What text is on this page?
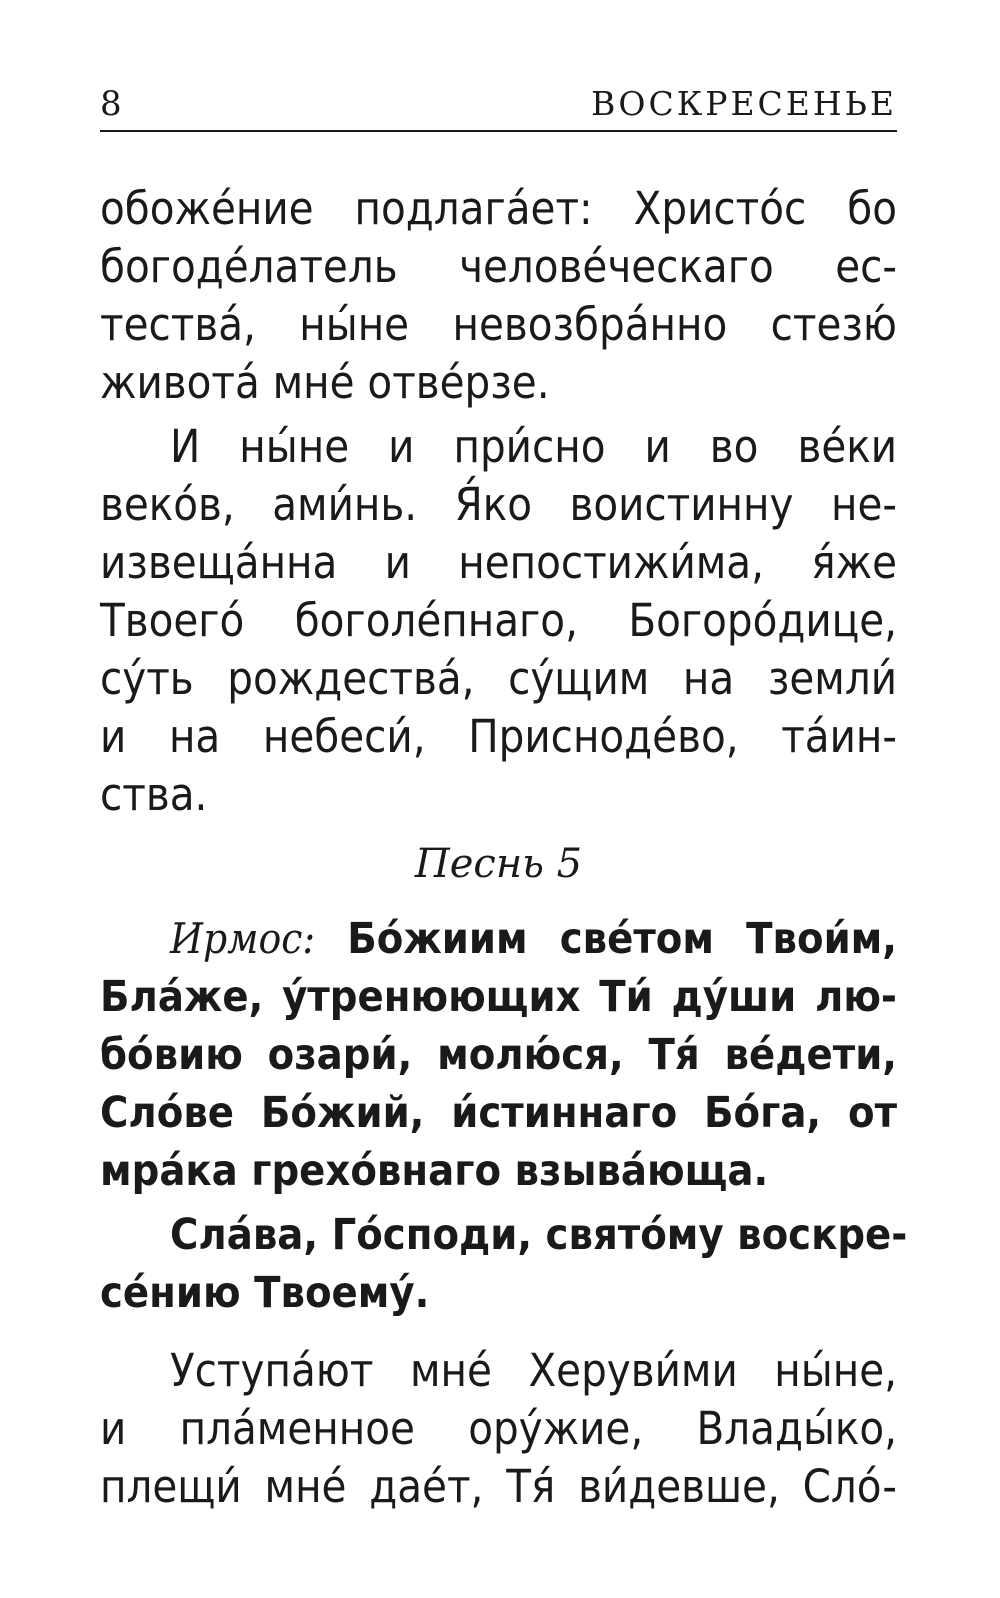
8	ВОСКРЕСЕНЬЕ
обожéние подлагáет: Христóс бо
богодéлатель человéческаго ес-
тествá, ны́не невозбрáнно стезю́
животá мнé отвéрзе.
И ны́не и при́сно и во вéки
векóв, ами́нь. Я́ко воистинну не-
извещáнна и непостижи́ма, я́же
Твоегó боголéпнаго, Богорóдице,
сýть рождествá, сýщим на земли́
и на небеси́, Приснодéво, тáин-
ства.
Песнь 5
Ирмос: Бóжиим свéтом Твои́м,
Бла́же, у́тренюющих Ти́ ду́ши лю-
бóвию озари́, молю́ся, Тя́ вéдети,
Слóве Бóжий, и́стиннаго Бóга, от
мрáка грехóвнаго взывáюща.
Слáва, Гóсподи, святóму воскре-
сéнию Твоему́.
Уступáют мнé Херуви́ми ны́не,
и плáменное орýжие, Влады́ко,
плещи́ мнé даéт, Тя́ ви́девше, Слó-
